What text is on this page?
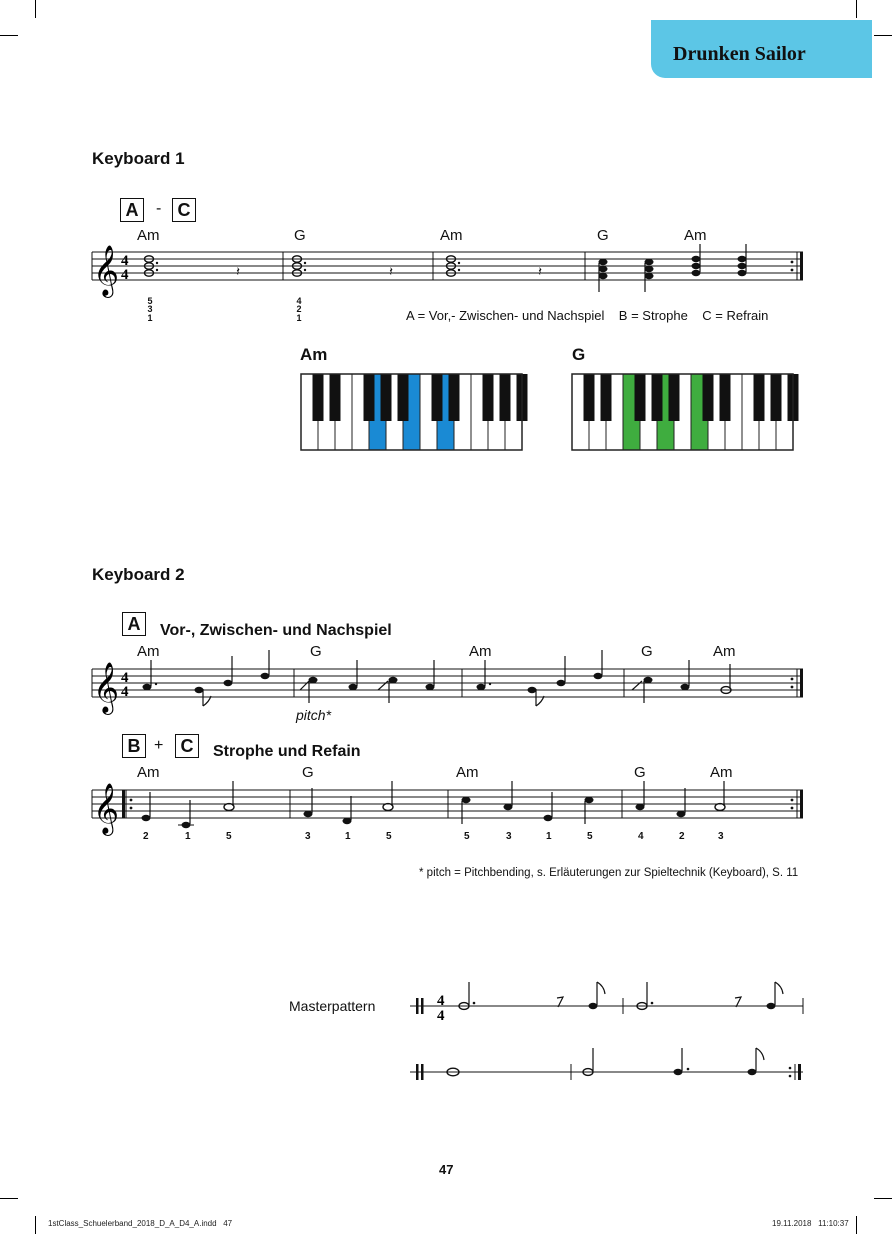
Drunken Sailor
Keyboard 1
A	- C
Am	G	Am	G	Am
𝄞 4
4	𝄽	𝄽	𝄽
5
3
1
4
2
1	A = Vor,- Zwischen- und Nachspiel    B = Strophe    C = Refrain
Am	G
Keyboard 2
A	Vor-, Zwischen- und Nachspiel
Am	G	Am	G	Am
𝄞 4
4
pitch*
B + C	Strophe und Refain
Am	G	Am	G	Am
𝄞
2	1	5	3	1	5	5	3	1	5	4	2	3
* pitch = Pitchbending, s. Erläuterungen zur Spieltechnik (Keyboard), S. 11
Masterpattern	4
4
47
1stClass_Schuelerband_2018_D_A_D4_A.indd   47	19.11.2018   11:10:37
